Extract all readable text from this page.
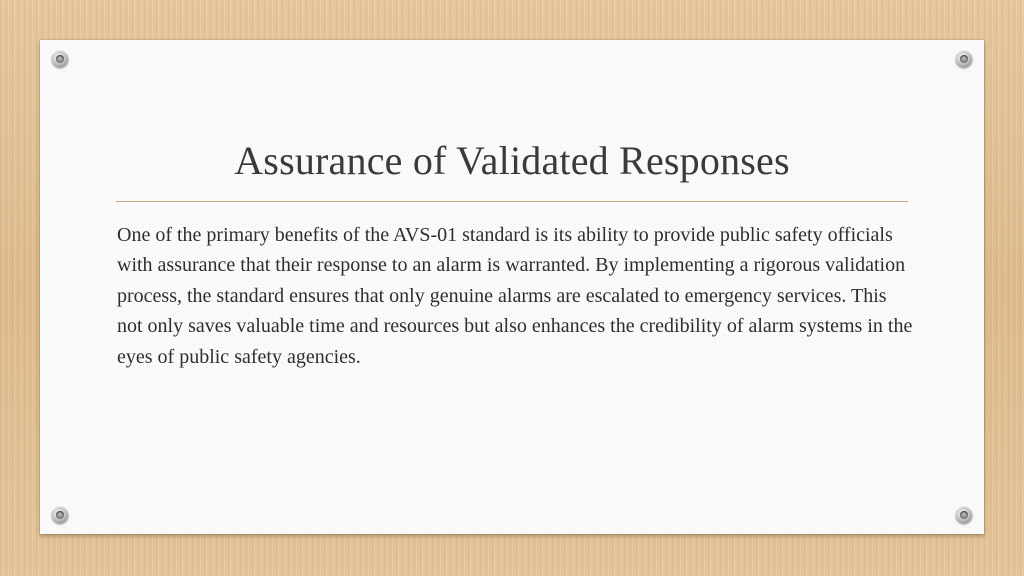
Assurance of Validated Responses

One of the primary benefits of the AVS-01 standard is its ability to provide public safety officials with assurance that their response to an alarm is warranted. By implementing a rigorous validation process, the standard ensures that only genuine alarms are escalated to emergency services. This not only saves valuable time and resources but also enhances the credibility of alarm systems in the eyes of public safety agencies.
